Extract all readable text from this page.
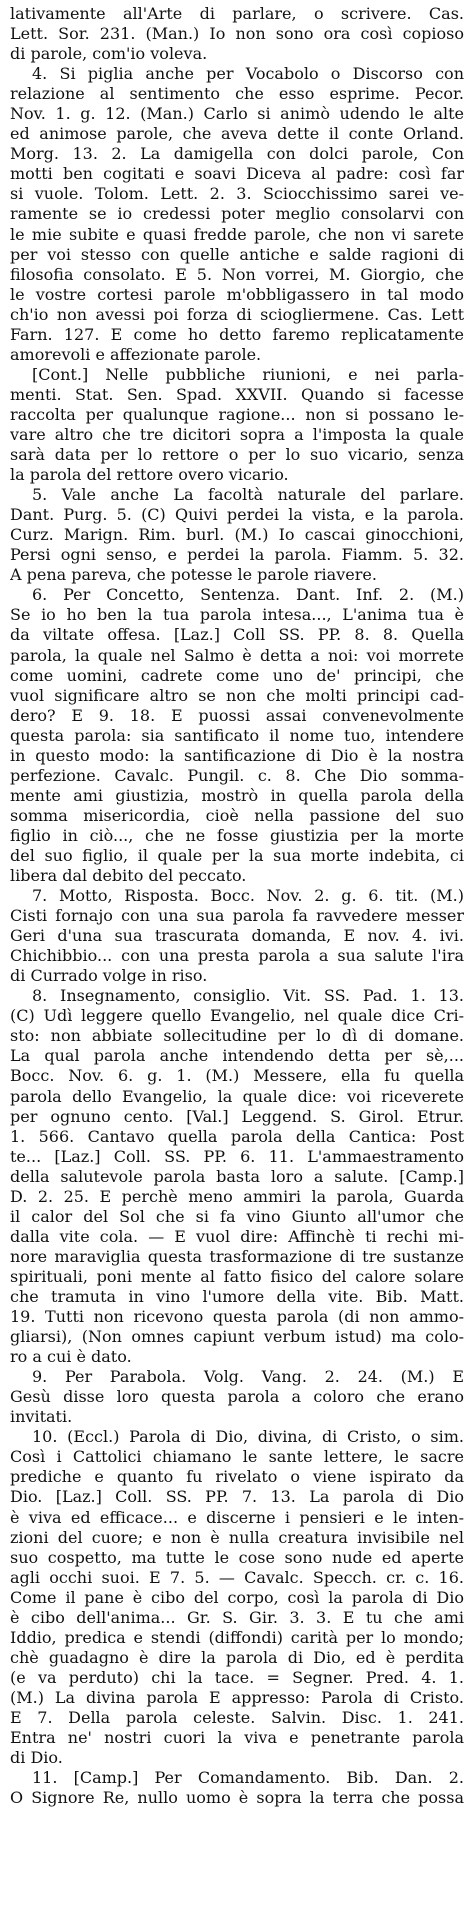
lativamente all'Arte di parlare, o scrivere. Cas.
Lett. Sor. 231. (Man.) Io non sono ora così copioso
di parole, com'io voleva.
4. Si piglia anche per Vocabolo o Discorso con
relazione al sentimento che esso esprime. Pecor.
Nov. 1. g. 12. (Man.) Carlo si animò udendo le alte
ed animose parole, che aveva dette il conte Orland.
Morg. 13. 2. La damigella con dolci parole, Con
motti ben cogitati e soavi Diceva al padre: così far
si vuole. Tolom. Lett. 2. 3. Sciocchissimo sarei ve-
ramente se io credessi poter meglio consolarvi con
le mie subite e quasi fredde parole, che non vi sarete
per voi stesso con quelle antiche e salde ragioni di
filosofia consolato. E 5. Non vorrei, M. Giorgio, che
le vostre cortesi parole m'obbligassero in tal modo
ch'io non avessi poi forza di sciogliermene. Cas. Lett
Farn. 127. E come ho detto faremo replicatamente
amorevoli e affezionate parole.
[Cont.] Nelle pubbliche riunioni, e nei parla-
menti. Stat. Sen. Spad. XXVII. Quando si facesse
raccolta per qualunque ragione... non si possano le-
vare altro che tre dicitori sopra a l'imposta la quale
sarà data per lo rettore o per lo suo vicario, senza
la parola del rettore overo vicario.
5. Vale anche La facoltà naturale del parlare.
Dant. Purg. 5. (C) Quivi perdei la vista, e la parola.
Curz. Marign. Rim. burl. (M.) Io cascai ginocchioni,
Persi ogni senso, e perdei la parola. Fiamm. 5. 32.
A pena pareva, che potesse le parole riavere.
6. Per Concetto, Sentenza. Dant. Inf. 2. (M.)
Se io ho ben la tua parola intesa..., L'anima tua è
da viltate offesa. [Laz.] Coll SS. PP. 8. 8. Quella
parola, la quale nel Salmo è detta a noi: voi morrete
come uomini, cadrete come uno de' principi, che
vuol significare altro se non che molti principi cad-
dero? E 9. 18. E puossi assai convenevolmente
questa parola: sia santificato il nome tuo, intendere
in questo modo: la santificazione di Dio è la nostra
perfezione. Cavalc. Pungil. c. 8. Che Dio somma-
mente ami giustizia, mostrò in quella parola della
somma misericordia, cioè nella passione del suo
figlio in ciò..., che ne fosse giustizia per la morte
del suo figlio, il quale per la sua morte indebita, ci
libera dal debito del peccato.
7. Motto, Risposta. Bocc. Nov. 2. g. 6. tit. (M.)
Cisti fornajo con una sua parola fa ravvedere messer
Geri d'una sua trascurata domanda, E nov. 4. ivi.
Chichibbio... con una presta parola a sua salute l'ira
di Currado volge in riso.
8. Insegnamento, consiglio. Vit. SS. Pad. 1. 13.
(C) Udì leggere quello Evangelio, nel quale dice Cri-
sto: non abbiate sollecitudine per lo dì di domane.
La qual parola anche intendendo detta per sè,...
Bocc. Nov. 6. g. 1. (M.) Messere, ella fu quella
parola dello Evangelio, la quale dice: voi riceverete
per ognuno cento. [Val.] Leggend. S. Girol. Etrur.
1. 566. Cantavo quella parola della Cantica: Post
te... [Laz.] Coll. SS. PP. 6. 11. L'ammaestramento
della salutevole parola basta loro a salute. [Camp.]
D. 2. 25. E perchè meno ammiri la parola, Guarda
il calor del Sol che si fa vino Giunto all'umor che
dalla vite cola. — E vuol dire: Affinchè ti rechi mi-
nore maraviglia questa trasformazione di tre sustanze
spirituali, poni mente al fatto fisico del calore solare
che tramuta in vino l'umore della vite. Bib. Matt.
19. Tutti non ricevono questa parola (di non ammo-
gliarsi), (Non omnes capiunt verbum istud) ma colo-
ro a cui è dato.
9. Per Parabola. Volg. Vang. 2. 24. (M.) E
Gesù disse loro questa parola a coloro che erano
invitati.
10. (Eccl.) Parola di Dio, divina, di Cristo, o sim.
Così i Cattolici chiamano le sante lettere, le sacre
prediche e quanto fu rivelato o viene ispirato da
Dio. [Laz.] Coll. SS. PP. 7. 13. La parola di Dio
è viva ed efficace... e discerne i pensieri e le inten-
zioni del cuore; e non è nulla creatura invisibile nel
suo cospetto, ma tutte le cose sono nude ed aperte
agli occhi suoi. E 7. 5. — Cavalc. Specch. cr. c. 16.
Come il pane è cibo del corpo, così la parola di Dio
è cibo dell'anima... Gr. S. Gir. 3. 3. E tu che ami
Iddio, predica e stendi (diffondi) carità per lo mondo;
chè guadagno è dire la parola di Dio, ed è perdita
(e va perduto) chi la tace. = Segner. Pred. 4. 1.
(M.) La divina parola E appresso: Parola di Cristo.
E 7. Della parola celeste. Salvin. Disc. 1. 241.
Entra ne' nostri cuori la viva e penetrante parola
di Dio.
11. [Camp.] Per Comandamento. Bib. Dan. 2.
O Signore Re, nullo uomo è sopra la terra che possa
